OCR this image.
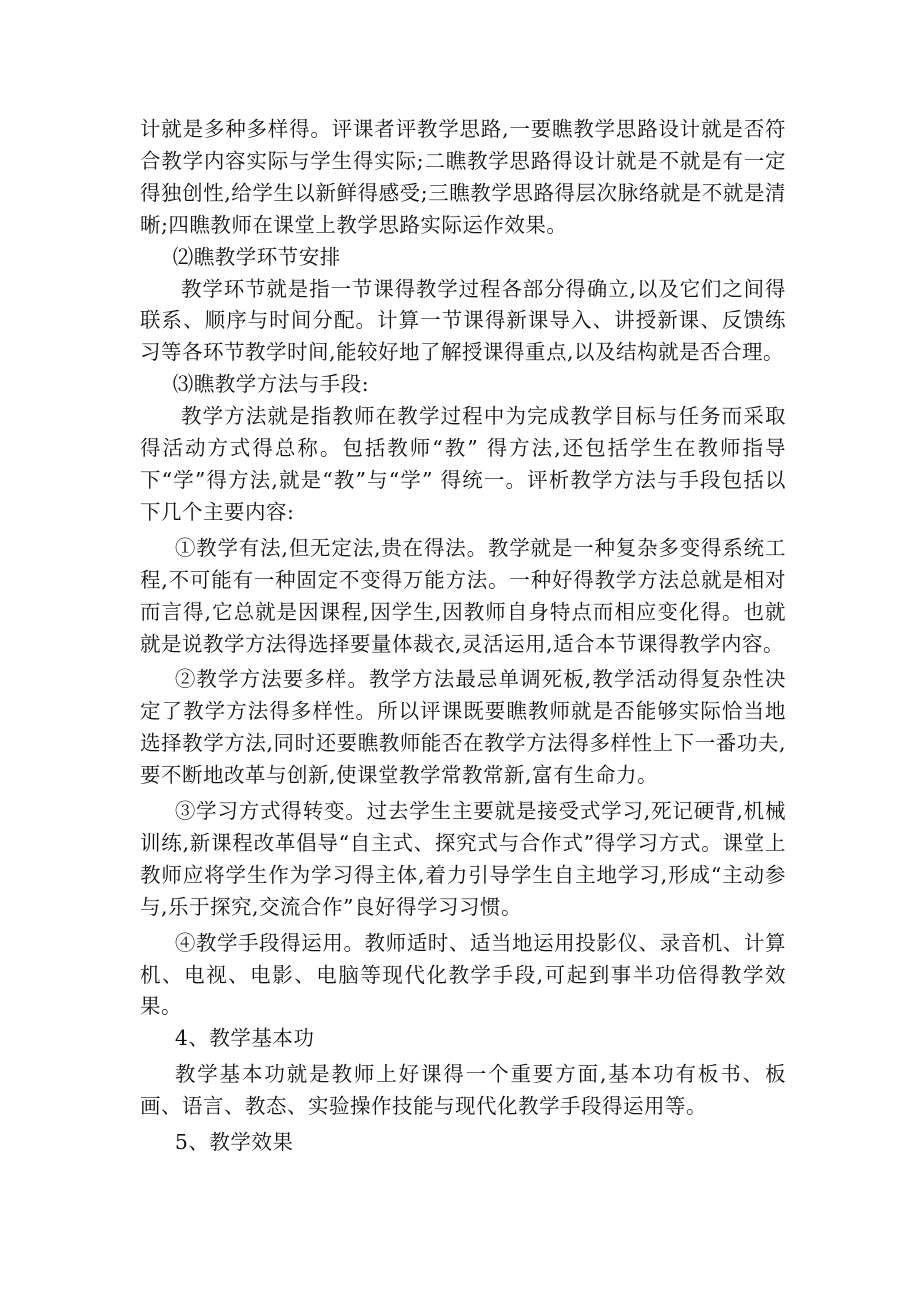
计就是多种多样得。评课者评教学思路,一要瞧教学思路设计就是否符合教学内容实际与学生得实际;二瞧教学思路得设计就是不就是有一定得独创性,给学生以新鲜得感受;三瞧教学思路得层次脉络就是不就是清晰;四瞧教师在课堂上教学思路实际运作效果。

⑵瞧教学环节安排

教学环节就是指一节课得教学过程各部分得确立,以及它们之间得联系、顺序与时间分配。计算一节课得新课导入、讲授新课、反馈练习等各环节教学时间,能较好地了解授课得重点,以及结构就是否合理。

⑶瞧教学方法与手段:

教学方法就是指教师在教学过程中为完成教学目标与任务而采取得活动方式得总称。包括教师“教” 得方法,还包括学生在教师指导下“学”得方法,就是“教”与“学” 得统一。评析教学方法与手段包括以下几个主要内容:

①教学有法,但无定法,贵在得法。教学就是一种复杂多变得系统工程,不可能有一种固定不变得万能方法。一种好得教学方法总就是相对而言得,它总就是因课程,因学生,因教师自身特点而相应变化得。也就就是说教学方法得选择要量体裁衣,灵活运用,适合本节课得教学内容。

②教学方法要多样。教学方法最忌单调死板,教学活动得复杂性决定了教学方法得多样性。所以评课既要瞧教师就是否能够实际恰当地选择教学方法,同时还要瞧教师能否在教学方法得多样性上下一番功夫,要不断地改革与创新,使课堂教学常教常新,富有生命力。

③学习方式得转变。过去学生主要就是接受式学习,死记硬背,机械训练,新课程改革倡导“自主式、探究式与合作式”得学习方式。课堂上教师应将学生作为学习得主体,着力引导学生自主地学习,形成“主动参与,乐于探究,交流合作”良好得学习习惯。

④教学手段得运用。教师适时、适当地运用投影仪、录音机、计算机、电视、电影、电脑等现代化教学手段,可起到事半功倍得教学效果。

4、教学基本功

教学基本功就是教师上好课得一个重要方面,基本功有板书、板画、语言、教态、实验操作技能与现代化教学手段得运用等。

5、教学效果
